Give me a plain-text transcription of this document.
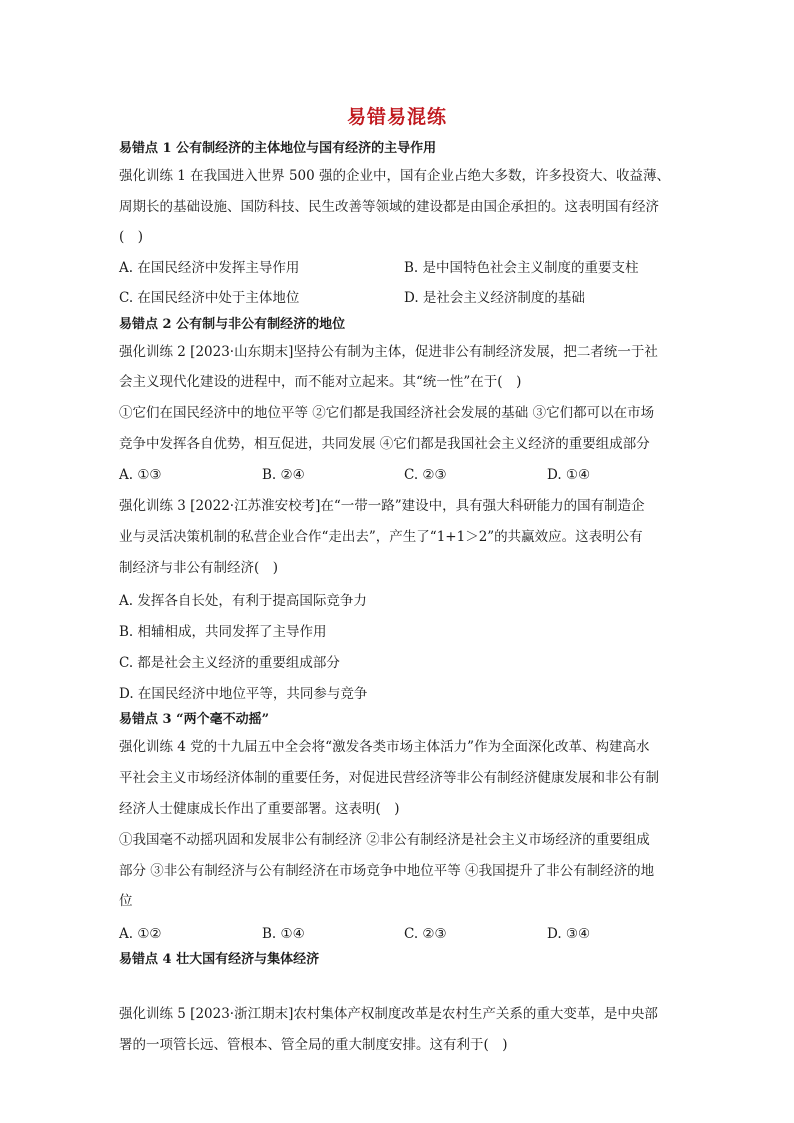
易错易混练
易错点 1 公有制经济的主体地位与国有经济的主导作用
强化训练 1 在我国进入世界 500 强的企业中，国有企业占绝大多数，许多投资大、收益薄、
周期长的基础设施、国防科技、民生改善等领域的建设都是由国企承担的。这表明国有经济
(　)
A. 在国民经济中发挥主导作用	B. 是中国特色社会主义制度的重要支柱
C. 在国民经济中处于主体地位	D. 是社会主义经济制度的基础
易错点 2 公有制与非公有制经济的地位
强化训练 2 [2023·山东期末]坚持公有制为主体，促进非公有制经济发展，把二者统一于社
会主义现代化建设的进程中，而不能对立起来。其“统一性”在于(　)
①它们在国民经济中的地位平等 ②它们都是我国经济社会发展的基础 ③它们都可以在市场
竞争中发挥各自优势，相互促进，共同发展 ④它们都是我国社会主义经济的重要组成部分
A. ①③	B. ②④	C. ②③	D. ①④
强化训练 3 [2022·江苏淮安校考]在“一带一路”建设中，具有强大科研能力的国有制造企
业与灵活决策机制的私营企业合作“走出去”，产生了“1+1＞2”的共赢效应。这表明公有
制经济与非公有制经济(　)
A. 发挥各自长处，有利于提高国际竞争力
B. 相辅相成，共同发挥了主导作用
C. 都是社会主义经济的重要组成部分
D. 在国民经济中地位平等，共同参与竞争
易错点 3 “两个毫不动摇”
强化训练 4 党的十九届五中全会将“激发各类市场主体活力”作为全面深化改革、构建高水
平社会主义市场经济体制的重要任务，对促进民营经济等非公有制经济健康发展和非公有制
经济人士健康成长作出了重要部署。这表明(　)
①我国毫不动摇巩固和发展非公有制经济 ②非公有制经济是社会主义市场经济的重要组成
部分 ③非公有制经济与公有制经济在市场竞争中地位平等 ④我国提升了非公有制经济的地
位
A. ①②	B. ①④	C. ②③	D. ③④
易错点 4 壮大国有经济与集体经济
强化训练 5 [2023·浙江期末]农村集体产权制度改革是农村生产关系的重大变革，是中央部
署的一项管长远、管根本、管全局的重大制度安排。这有利于(　)
